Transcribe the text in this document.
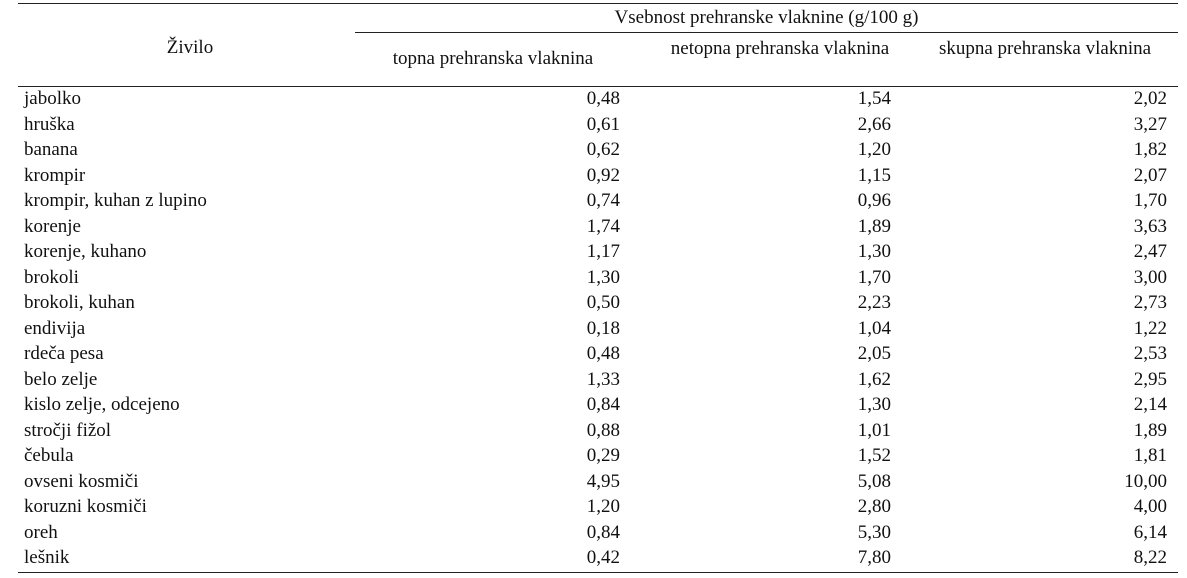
Živilo
Vsebnost prehranske vlaknine (g/100 g)
topna prehranska vlaknina	netopna prehranska vlaknina	skupna prehranska vlaknina
jabolko	0,48	1,54	2,02
hruška	0,61	2,66	3,27
banana	0,62	1,20	1,82
krompir	0,92	1,15	2,07
krompir, kuhan z lupino	0,74	0,96	1,70
korenje	1,74	1,89	3,63
korenje, kuhano	1,17	1,30	2,47
brokoli	1,30	1,70	3,00
brokoli, kuhan	0,50	2,23	2,73
endivija	0,18	1,04	1,22
rdeča pesa	0,48	2,05	2,53
belo zelje	1,33	1,62	2,95
kislo zelje, odcejeno	0,84	1,30	2,14
stročji fižol	0,88	1,01	1,89
čebula	0,29	1,52	1,81
ovseni kosmiči	4,95	5,08	10,00
koruzni kosmiči	1,20	2,80	4,00
oreh	0,84	5,30	6,14
lešnik	0,42	7,80	8,22
